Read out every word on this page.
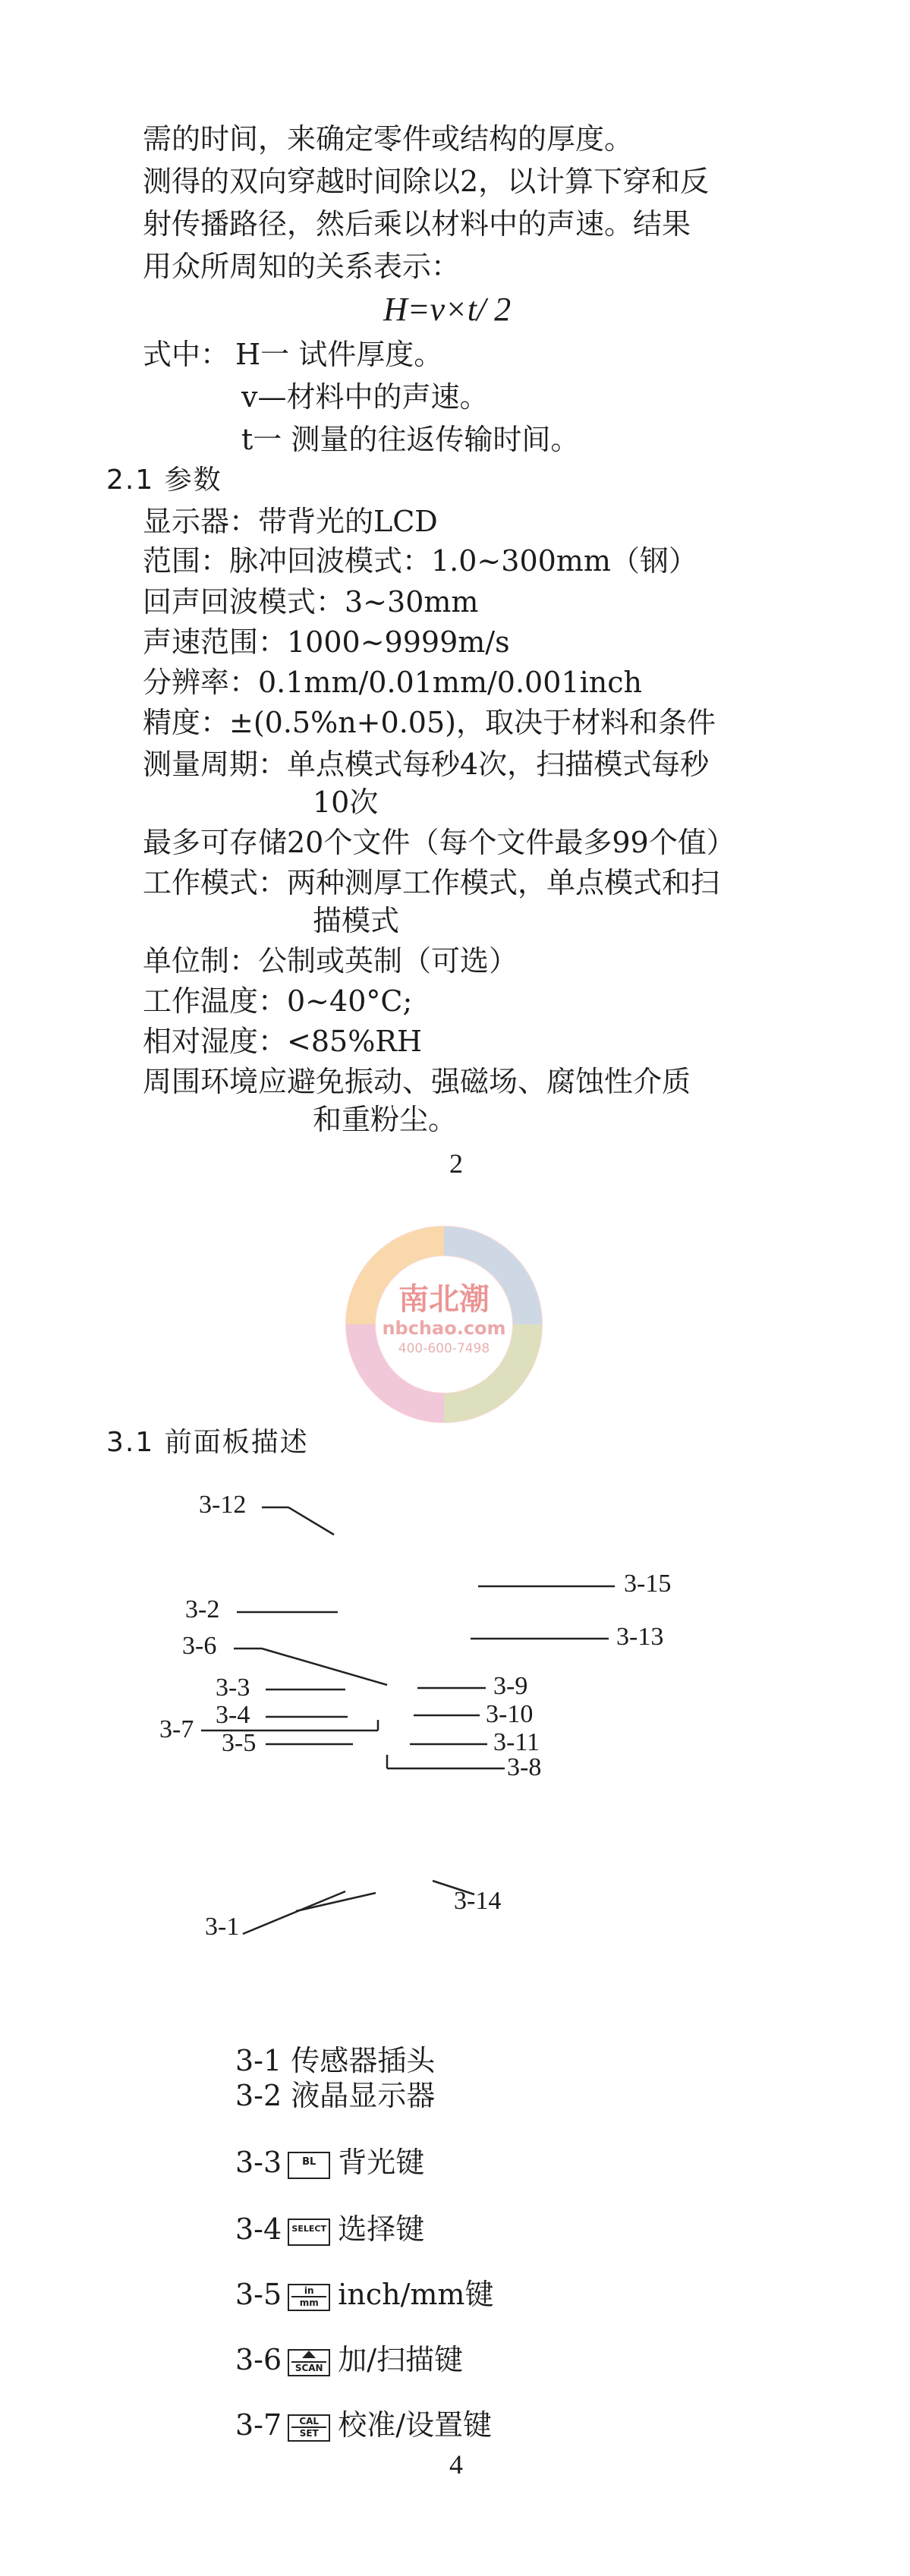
需的时间，来确定零件或结构的厚度。
测得的双向穿越时间除以2，以计算下穿和反
射传播路径，然后乘以材料中的声速。结果
用众所周知的关系表示：
H=v×t/ 2
式中： H一 试件厚度。
v—材料中的声速。
t一 测量的往返传输时间。
2.1 参数
显示器：带背光的LCD
范围：脉冲回波模式：1.0~300mm（钢）
回声回波模式：3~30mm
声速范围：1000~9999m/s
分辨率：0.1mm/0.01mm/0.001inch
精度：±(0.5%n+0.05)，取决于材料和条件
测量周期：单点模式每秒4次，扫描模式每秒
10次
最多可存储20个文件（每个文件最多99个值）
工作模式：两种测厚工作模式，单点模式和扫
描模式
单位制：公制或英制（可选）
工作温度：0~40°C;
相对湿度：<85%RH
周围环境应避免振动、强磁场、腐蚀性介质
和重粉尘。
2
南北潮
nbchao.com
400-600-7498
3.1 前面板描述
3-12
3-15
3-2
3-13
3-6
3-9
3-3
3-10
3-4
3-7	3-11
3-5
3-8
3-14
3-1
3-1 传感器插头
3-2 液晶显示器
3-3 BL 背光键
3-4 SELECT 选择键
$3-5 \frac{in}{mm}$ inch/mm键
3-6	SCAN 加/扫描键
3-7	CAL
SET 校准/设置键
4
